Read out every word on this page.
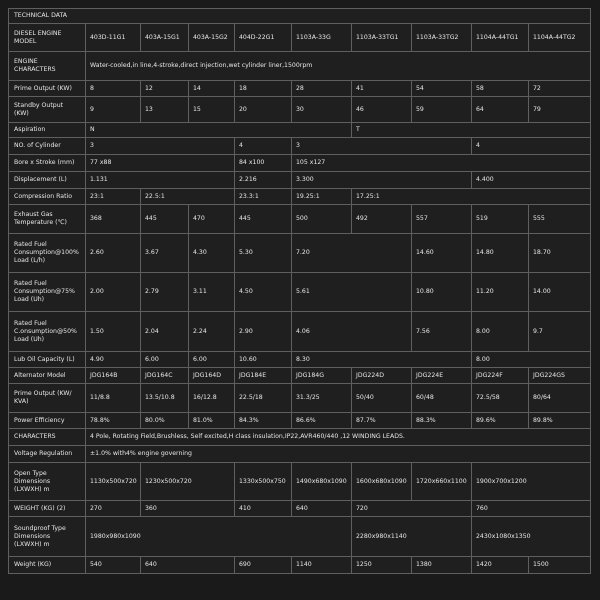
TECHNICAL DATA									
DIESEL ENGINE
MODEL	403D-11G1	403A-15G1	403A-15G2	404D-22G1	1103A-33G	1103A-33TG1	1103A-33TG2	1104A-44TG1	1104A-44TG2
ENGINE
CHARACTERS	Water-cooled,in line,4-stroke,direct injection,wet cylinder liner,1500rpm								
Prime Output (KW)	8	12	14	18	28	41	54	58	72
Standby Output
(KW)	9	13	15	20	30	46	59	64	79
Aspiration	N					T			
NO. of Cylinder	3			4	3			4	
Bore x Stroke (mm)	77 x88			84 x100	105 x127				
Displacement (L)	1.131			2.216	3.300			4.400	
Compression Ratio	23:1	22.5:1		23.3:1	19.25:1	17.25:1			
Exhaust Gas
Temperature (℃)	368	445	470	445	500	492	557	519	555
Rated Fuel
Consumption@100%
Load (L/h)	2.60	3.67	4.30	5.30	7.20		14.60	14.80	18.70
Rated Fuel
Consumption@75%
Load (Uh)	2.00	2.79	3.11	4.50	5.61		10.80	11.20	14.00
Rated Fuel
C.onsumption@50%
Load (Uh)	1.50	2.04	2.24	2.90	4.06		7.56	8.00	9.7
Lub Oil Capacity (L)	4.90	6.00	6.00	10.60	8.30			8.00	
Alternator Model	JDG164B	JDG164C	JDG164D	JDG184E	JDG184G	JDG224D	JDG224E	JDG224F	JDG224GS
Prime Output (KW/
KVA)	11/8.8	13.5/10.8	16/12.8	22.5/18	31.3/25	50/40	60/48	72.5/58	80/64
Power Efficiency	78.8%	80.0%	81.0%	84.3%	86.6%	87.7%	88.3%	89.6%	89.8%
CHARACTERS	4 Pole, Rotating Field,Brushless, Self excited,H class insulation,IP22,AVR460/440 ,12 WINDING LEADS.								
Voltage Regulation	±1.0% with4% engine governing								
Open Type
Dimensions
(LXWXH) m	1130x500x720	1230x500x720		1330x500x750	1490x680x1090	1600x680x1090	1720x660x1100	1900x700x1200	
WEIGHT (KG) (2)	270	360		410	640	720		760	
Soundproof Type
Dimensions
(LXWXH) m	1980x980x1090					2280x980x1140		2430x1080x1350	
Weight (KG)	540	640		690	1140	1250	1380	1420	1500
